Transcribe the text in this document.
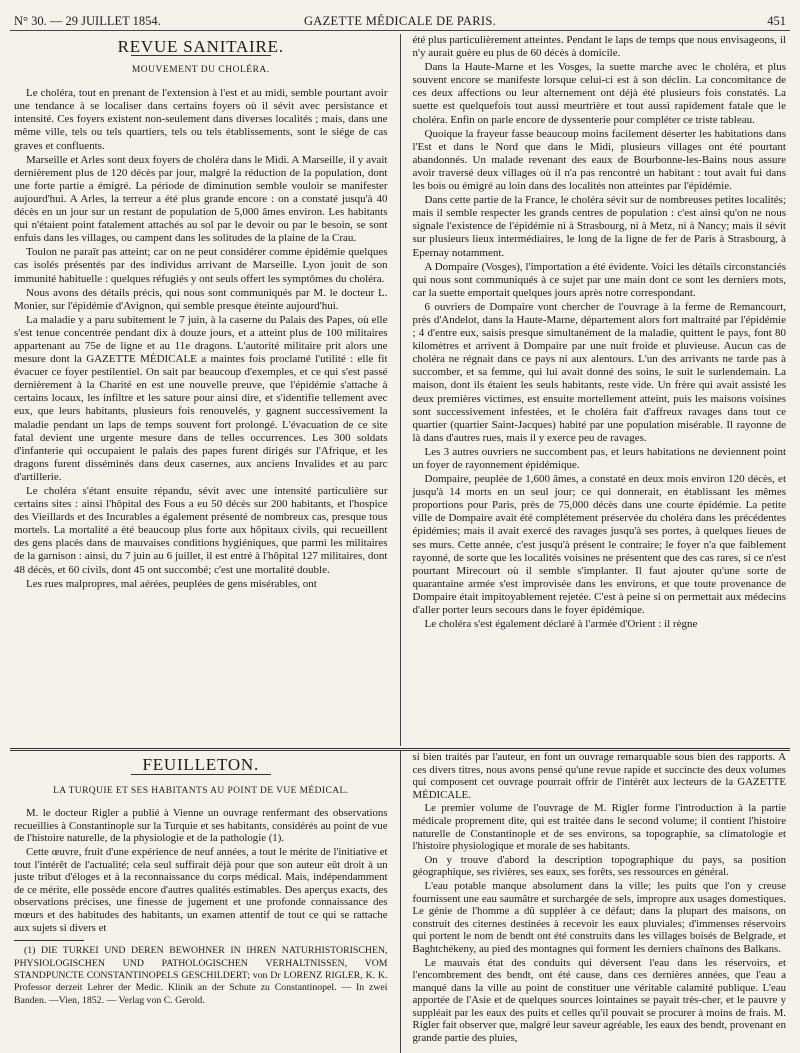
N° 30. — 29 JUILLET 1854.	GAZETTE MÉDICALE DE PARIS.	451
REVUE SANITAIRE.
MOUVEMENT DU CHOLÉRA.

Le choléra, tout en prenant de l'extension à l'est et au midi, semble pourtant avoir une tendance à se localiser dans certains foyers où il sévit avec persistance et intensité. Ces foyers existent non-seulement dans diverses localités ; mais, dans une même ville, tels ou tels quartiers, tels ou tels établissements, sont le siége de cas graves et confluents.

Marseille et Arles sont deux foyers de choléra dans le Midi. A Marseille, il y avait dernièrement plus de 120 décès par jour, malgré la réduction de la population, dont une forte partie a émigré. La période de diminution semble vouloir se manifester aujourd'hui. A Arles, la terreur a été plus grande encore : on a constaté jusqu'à 40 décès en un jour sur un restant de population de 5,000 âmes environ. Les habitants qui n'étaient point fatalement attachés au sol par le devoir ou par le besoin, se sont enfuis dans les villages, ou campent dans les solitudes de la plaine de la Crau.

Toulon ne paraît pas atteint; car on ne peut considérer comme épidémie quelques cas isolés présentés par des individus arrivant de Marseille. Lyon jouit de son immunité habituelle : quelques réfugiés y ont seuls offert les symptômes du choléra.

Nous avons des détails précis, qui nous sont communiqués par M. le docteur L. Monier, sur l'épidémie d'Avignon, qui semble presque éteinte aujourd'hui.

La maladie y a paru subitement le 7 juin, à la caserne du Palais des Papes, où elle s'est tenue concentrée pendant dix à douze jours, et a atteint plus de 100 militaires appartenant au 75e de ligne et au 11e dragons. L'autorité militaire prit alors une mesure dont la GAZETTE MÉDICALE a maintes fois proclamé l'utilité : elle fit évacuer ce foyer pestilentiel. On sait par beaucoup d'exemples, et ce qui s'est passé dernièrement à la Charité en est une nouvelle preuve, que l'épidémie s'attache à certains locaux, les infiltre et les sature pour ainsi dire, et s'identifie tellement avec eux, que leurs habitants, plusieurs fois renouvelés, y gagnent successivement la maladie pendant un laps de temps souvent fort prolongé. L'évacuation de ce site fatal devient une urgente mesure dans de telles occurrences. Les 300 soldats d'infanterie qui occupaient le palais des papes furent dirigés sur l'Afrique, et les dragons furent disséminés dans deux casernes, aux anciens Invalides et au parc d'artillerie.

Le choléra s'étant ensuite répandu, sévit avec une intensité particulière sur certains sites : ainsi l'hôpital des Fous a eu 50 décès sur 200 habitants, et l'hospice des Vieillards et des Incurables a également présenté de nombreux cas, presque tous mortels. La mortalité a été beaucoup plus forte aux hôpitaux civils, qui recueillent des gens placés dans de mauvaises conditions hygiéniques, que parmi les militaires de la garnison : ainsi, du 7 juin au 6 juillet, il est entré à l'hôpital 127 militaires, dont 48 décès, et 60 civils, dont 45 ont succombé; c'est une mortalité double.

Les rues malpropres, mal aérées, peuplées de gens misérables, ont

été plus particulièrement atteintes. Pendant le laps de temps que nous envisageons, il n'y aurait guère eu plus de 60 décès à domicile.

Dans la Haute-Marne et les Vosges, la suette marche avec le choléra, et plus souvent encore se manifeste lorsque celui-ci est à son déclin. La concomitance de ces deux affections ou leur alternement ont déjà été plusieurs fois constatés. La suette est quelquefois tout aussi meurtrière et tout aussi rapidement fatale que le choléra. Enfin on parle encore de dyssenterie pour compléter ce triste tableau.

Quoique la frayeur fasse beaucoup moins facilement déserter les habitations dans l'Est et dans le Nord que dans le Midi, plusieurs villages ont été pourtant abandonnés. Un malade revenant des eaux de Bourbonne-les-Bains nous assure avoir traversé deux villages où il n'a pas rencontré un habitant : tout avait fui dans les bois ou émigré au loin dans des localités non atteintes par l'épidémie.

Dans cette partie de la France, le choléra sévit sur de nombreuses petites localités; mais il semble respecter les grands centres de population : c'est ainsi qu'on ne nous signale l'existence de l'épidémie ni à Strasbourg, ni à Metz, ni à Nancy; mais il sévit sur plusieurs lieux intermédiaires, le long de la ligne de fer de Paris à Strasbourg, à Epernay notamment.

A Dompaire (Vosges), l'importation a été évidente. Voici les détails circonstanciés qui nous sont communiqués à ce sujet par une main dont ce sont les derniers mots, car la suette emportait quelques jours après notre correspondant.

6 ouvriers de Dompaire vont chercher de l'ouvrage à la ferme de Remancourt, près d'Andelot, dans la Haute-Marne, département alors fort maltraité par l'épidémie ; 4 d'entre eux, saisis presque simultanément de la maladie, quittent le pays, font 80 kilomètres et arrivent à Dompaire par une nuit froide et pluvieuse. Aucun cas de choléra ne régnait dans ce pays ni aux alentours. L'un des arrivants ne tarde pas à succomber, et sa femme, qui lui avait donné des soins, le suit le surlendemain. La maison, dont ils étaient les seuls habitants, reste vide. Un frère qui avait assisté les deux premières victimes, est ensuite mortellement atteint, puis les maisons voisines sont successivement infestées, et le choléra fait d'affreux ravages dans tout ce quartier (quartier Saint-Jacques) habité par une population misérable. Il rayonne de là dans d'autres rues, mais il y exerce peu de ravages.

Les 3 autres ouvriers ne succombent pas, et leurs habitations ne deviennent point un foyer de rayonnement épidémique.

Dompaire, peuplée de 1,600 âmes, a constaté en deux mois environ 120 décès, et jusqu'à 14 morts en un seul jour; ce qui donnerait, en établissant les mêmes proportions pour Paris, près de 75,000 décès dans une courte épidémie. La petite ville de Dompaire avait été complétement préservée du choléra dans les précédentes épidémies; mais il avait exercé des ravages jusqu'à ses portes, à quelques lieues de ses murs. Cette année, c'est jusqu'à présent le contraire; le foyer n'a que faiblement rayonné, de sorte que les localités voisines ne présentent que des cas rares, si ce n'est pourtant Mirecourt où il semble s'implanter. Il faut ajouter qu'une sorte de quarantaine armée s'est improvisée dans les environs, et que toute provenance de Dompaire était impitoyablement rejetée. C'est à peine si on permettait aux médecins d'aller porter leurs secours dans le foyer épidémique.

Le choléra s'est également déclaré à l'armée d'Orient : il règne

FEUILLETON.
LA TURQUIE ET SES HABITANTS AU POINT DE VUE MÉDICAL.

M. le docteur Rigler a publié à Vienne un ouvrage renfermant des observations recueillies à Constantinople sur la Turquie et ses habitants, considérés au point de vue de l'histoire naturelle, de la physiologie et de la pathologie (1).

Cette œuvre, fruit d'une expérience de neuf années, a tout le mérite de l'initiative et tout l'intérêt de l'actualité; cela seul suffirait déjà pour que son auteur eût droit à un juste tribut d'éloges et à la reconnaissance du corps médical. Mais, indépendamment de ce mérite, elle possède encore d'autres qualités estimables. Des aperçus exacts, des observations précises, une finesse de jugement et une profonde connaissance des mœurs et des habitudes des habitants, un examen attentif de tout ce qui se rattache aux sujets si divers et

(1) DIE TURKEI UND DEREN BEWOHNER IN IHREN NATURHISTORISCHEN, PHYSIOLOGISCHEN UND PATHOLOGISCHEN VERHALTNISSEN, VOM STANDPUNCTE CONSTANTINOPELS GESCHILDERT; von Dr LORENZ RIGLER, K. K. Professor derzeit Lehrer der Medic. Klinik an der Schute zu Constantinopel. — In zwei Banden. —Vien, 1852. — Verlag von C. Gerold.

si bien traités par l'auteur, en font un ouvrage remarquable sous bien des rapports. A ces divers titres, nous avons pensé qu'une revue rapide et succincte des deux volumes qui composent cet ouvrage pourrait offrir de l'intérêt aux lecteurs de la GAZETTE MÉDICALE.

Le premier volume de l'ouvrage de M. Rigler forme l'introduction à la partie médicale proprement dite, qui est traitée dans le second volume; il contient l'histoire naturelle de Constantinople et de ses environs, sa topographie, sa climatologie et l'histoire physiologique et morale de ses habitants.

On y trouve d'abord la description topographique du pays, sa position géographique, ses rivières, ses eaux, ses forêts, ses ressources en général.

L'eau potable manque absolument dans la ville; les puits que l'on y creuse fournissent une eau saumâtre et surchargée de sels, impropre aux usages domestiques. Le génie de l'homme a dû suppléer à ce défaut; dans la plupart des maisons, on construit des citernes destinées à recevoir les eaux pluviales; d'immenses réservoirs qui portent le nom de bendt ont été construits dans les villages boisés de Belgrade, et Baghtchékeny, au pied des montagnes qui forment les derniers chaînons des Balkans.

Le mauvais état des conduits qui déversent l'eau dans les réservoirs, et l'encombrement des bendt, ont été cause, dans ces dernières années, que l'eau a manqué dans la ville au point de constituer une véritable calamité publique. L'eau apportée de l'Asie et de quelques sources lointaines se payait très-cher, et le pauvre y suppléait par les eaux des puits et celles qu'il pouvait se procurer à moins de frais. M. Rigler fait observer que, malgré leur saveur agréable, les eaux des bendt, provenant en grande partie des pluies,
